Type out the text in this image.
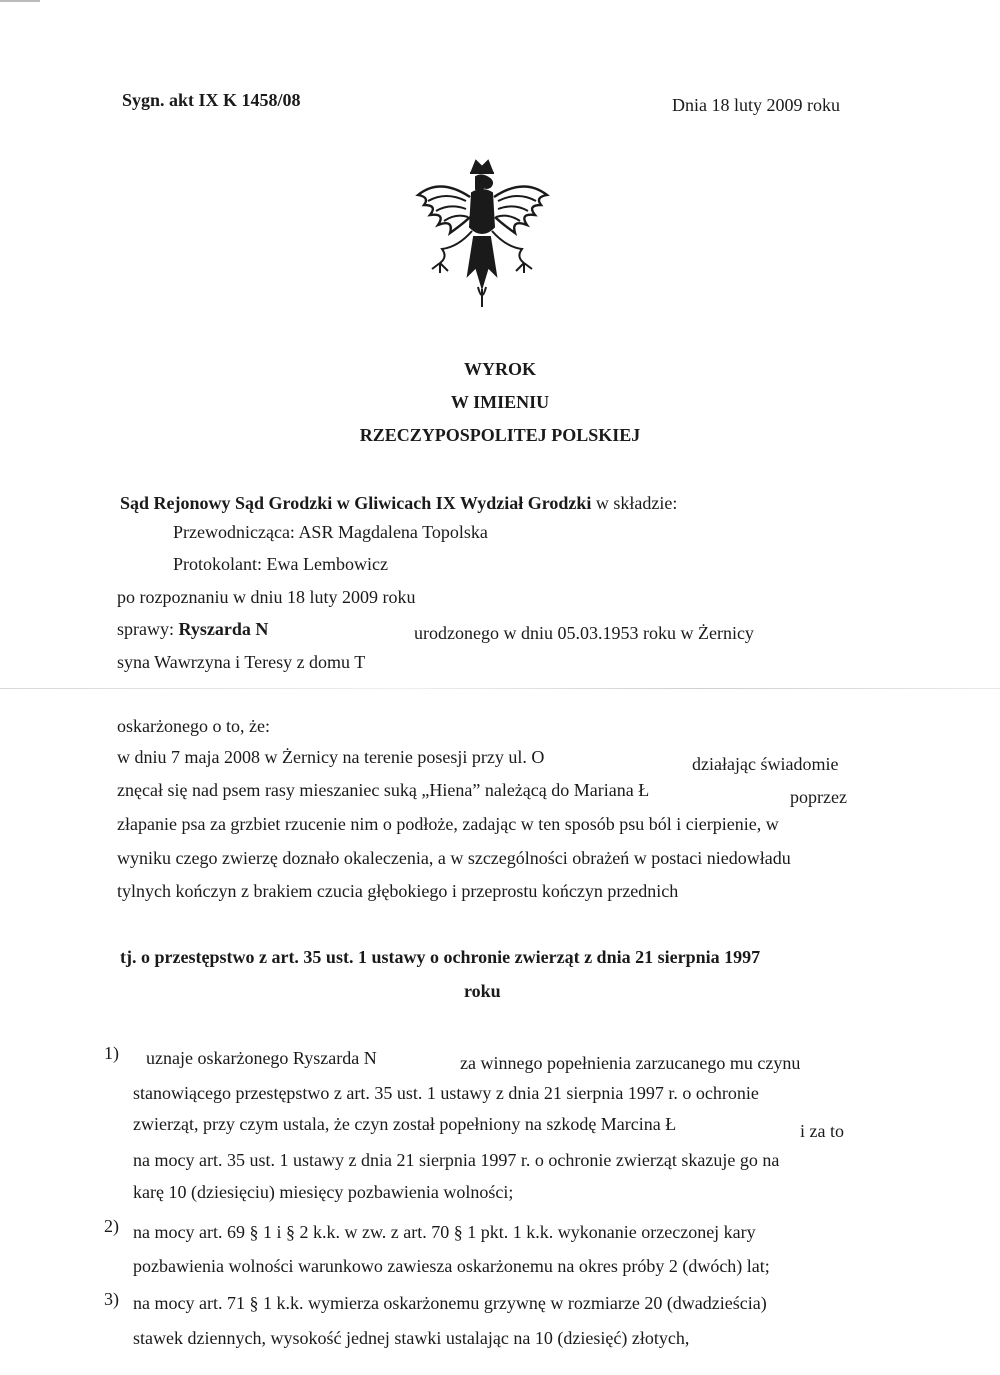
Sygn. akt IX K 1458/08	Dnia 18 luty 2009 roku
WYROK
W IMIENIU
RZECZYPOSPOLITEJ POLSKIEJ
Sąd Rejonowy Sąd Grodzki w Gliwicach IX Wydział Grodzki w składzie:
Przewodnicząca: ASR Magdalena Topolska
Protokolant: Ewa Lembowicz
po rozpoznaniu w dniu 18 luty 2009 roku
sprawy: Ryszarda N	urodzonego w dniu 05.03.1953 roku w Żernicy
syna Wawrzyna i Teresy z domu T
oskarżonego o to, że:
w dniu 7 maja 2008 w Żernicy na terenie posesji przy ul. O	działając świadomie
znęcał się nad psem rasy mieszaniec suką „Hiena” należącą do Mariana Ł	poprzez
złapanie psa za grzbiet rzucenie nim o podłoże, zadając w ten sposób psu ból i cierpienie, w
wyniku czego zwierzę doznało okaleczenia, a w szczególności obrażeń w postaci niedowładu
tylnych kończyn z brakiem czucia głębokiego i przeprostu kończyn przednich
tj. o przestępstwo z art. 35 ust. 1 ustawy o ochronie zwierząt z dnia 21 sierpnia 1997
roku
1) uznaje oskarżonego Ryszarda N	za winnego popełnienia zarzucanego mu czynu
stanowiącego przestępstwo z art. 35 ust. 1 ustawy z dnia 21 sierpnia 1997 r. o ochronie
zwierząt, przy czym ustala, że czyn został popełniony na szkodę Marcina Ł	i za to
na mocy art. 35 ust. 1 ustawy z dnia 21 sierpnia 1997 r. o ochronie zwierząt skazuje go na
karę 10 (dziesięciu) miesięcy pozbawienia wolności;
2) na mocy art. 69 § 1 i § 2 k.k. w zw. z art. 70 § 1 pkt. 1 k.k. wykonanie orzeczonej kary
pozbawienia wolności warunkowo zawiesza oskarżonemu na okres próby 2 (dwóch) lat;
3) na mocy art. 71 § 1 k.k. wymierza oskarżonemu grzywnę w rozmiarze 20 (dwadzieścia)
stawek dziennych, wysokość jednej stawki ustalając na 10 (dziesięć) złotych,
